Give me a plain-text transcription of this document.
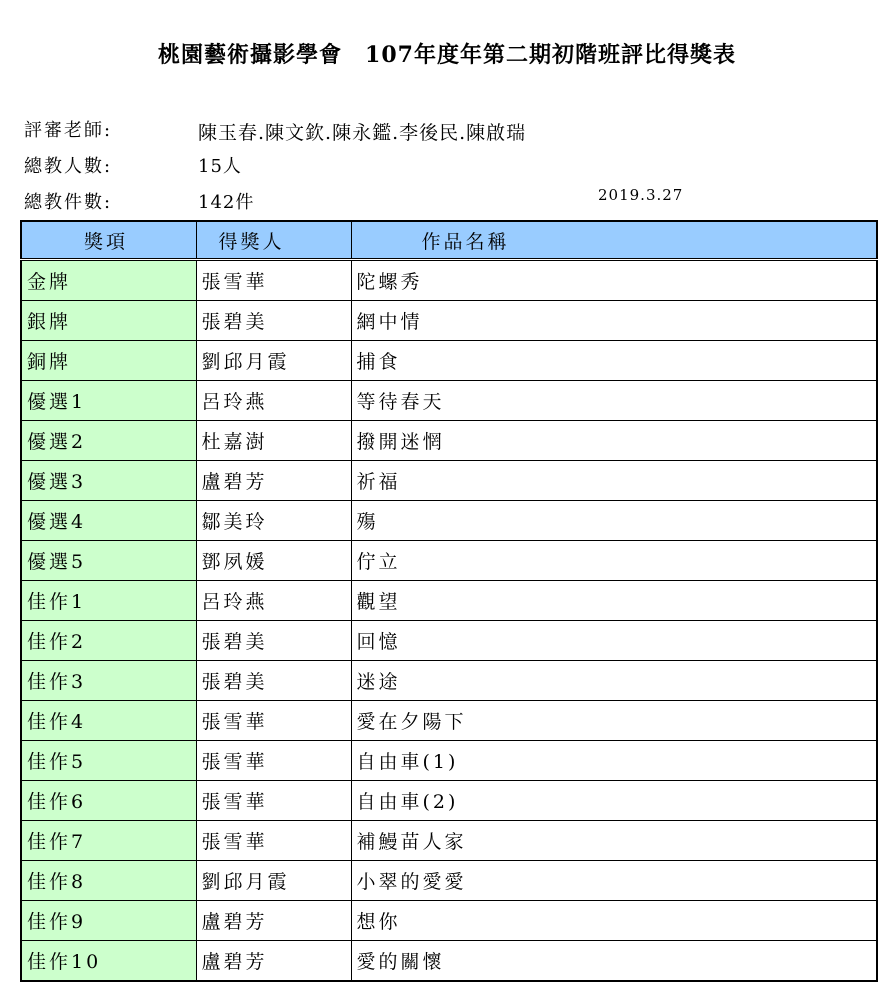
桃園藝術攝影學會　107年度年第二期初階班評比得獎表
評審老師:	陳玉春.陳文欽.陳永鑑.李後民.陳啟瑞
總教人數:	15人
總教件數:	142件	2019.3.27
獎項	得獎人	作品名稱
金牌	張雪華	陀螺秀
銀牌	張碧美	網中情
銅牌	劉邱月霞	捕食
優選1	呂玲燕	等待春天
優選2	杜嘉澍	撥開迷惘
優選3	盧碧芳	祈福
優選4	鄒美玲	殤
優選5	鄧夙媛	佇立
佳作1	呂玲燕	觀望
佳作2	張碧美	回憶
佳作3	張碧美	迷途
佳作4	張雪華	愛在夕陽下
佳作5	張雪華	自由車(1)
佳作6	張雪華	自由車(2)
佳作7	張雪華	補鰻苗人家
佳作8	劉邱月霞	小翠的愛愛
佳作9	盧碧芳	想你
佳作10	盧碧芳	愛的關懷
